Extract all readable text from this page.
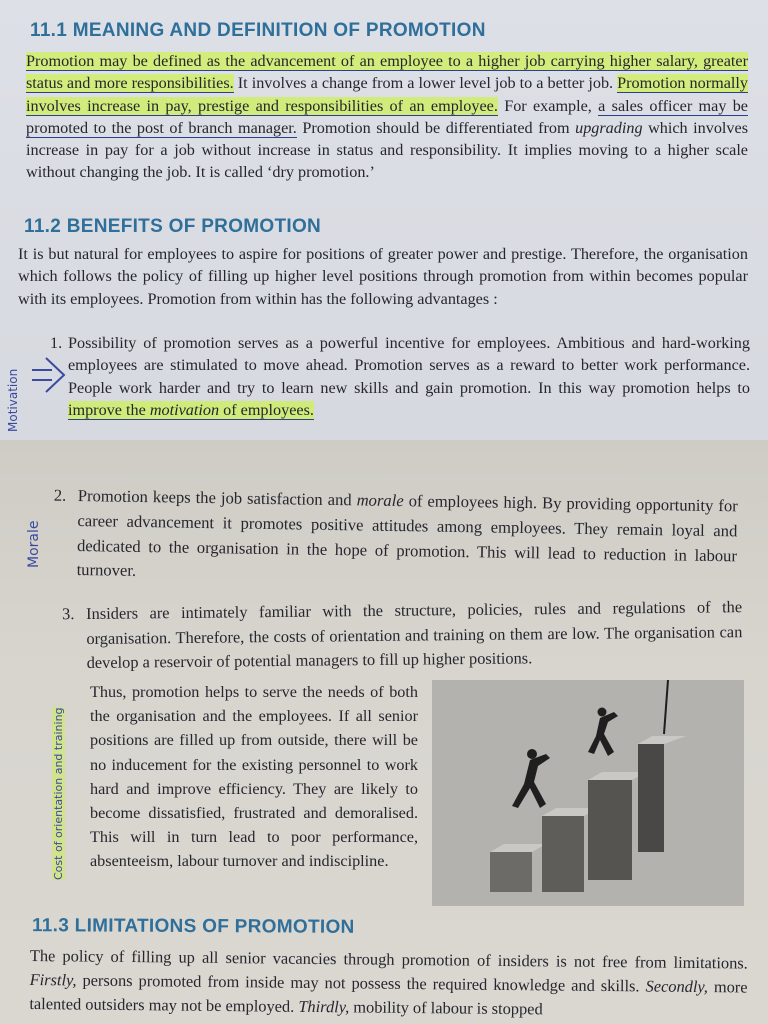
11.1 MEANING AND DEFINITION OF PROMOTION

Promotion may be defined as the advancement of an employee to a higher job carrying higher salary, greater status and more responsibilities. It involves a change from a lower level job to a better job. Promotion normally involves increase in pay, prestige and responsibilities of an employee. For example, a sales officer may be promoted to the post of branch manager. Promotion should be differentiated from upgrading which involves increase in pay for a job without increase in status and responsibility. It implies moving to a higher scale without changing the job. It is called ‘dry promotion.’

11.2 BENEFITS OF PROMOTION

It is but natural for employees to aspire for positions of greater power and prestige. Therefore, the organisation which follows the policy of filling up higher level positions through promotion from within becomes popular with its employees. Promotion from within has the following advantages :

1. Possibility of promotion serves as a powerful incentive for employees. Ambitious and hard-working employees are stimulated to move ahead. Promotion serves as a reward to better work performance. People work harder and try to learn new skills and gain promotion. In this way promotion helps to improve the motivation of employees.

Motivation

2. Promotion keeps the job satisfaction and morale of employees high. By providing opportunity for career advancement it promotes positive attitudes among employees. They remain loyal and dedicated to the organisation in the hope of promotion. This will lead to reduction in labour turnover.

3. Insiders are intimately familiar with the structure, policies, rules and regulations of the organisation. Therefore, the costs of orientation and training on them are low. The organisation can develop a reservoir of potential managers to fill up higher positions.

Thus, promotion helps to serve the needs of both the organisation and the employees. If all senior positions are filled up from outside, there will be no inducement for the existing personnel to work hard and improve efficiency. They are likely to become dissatisfied, frustrated and demoralised. This will in turn lead to poor performance, absenteeism, labour turnover and indiscipline.

11.3 LIMITATIONS OF PROMOTION

The policy of filling up all senior vacancies through promotion of insiders is not free from limitations. Firstly, persons promoted from inside may not possess the required knowledge and skills. Secondly, more talented outsiders may not be employed. Thirdly, mobility of labour is stopped

Morale
Cost of orientation and training
